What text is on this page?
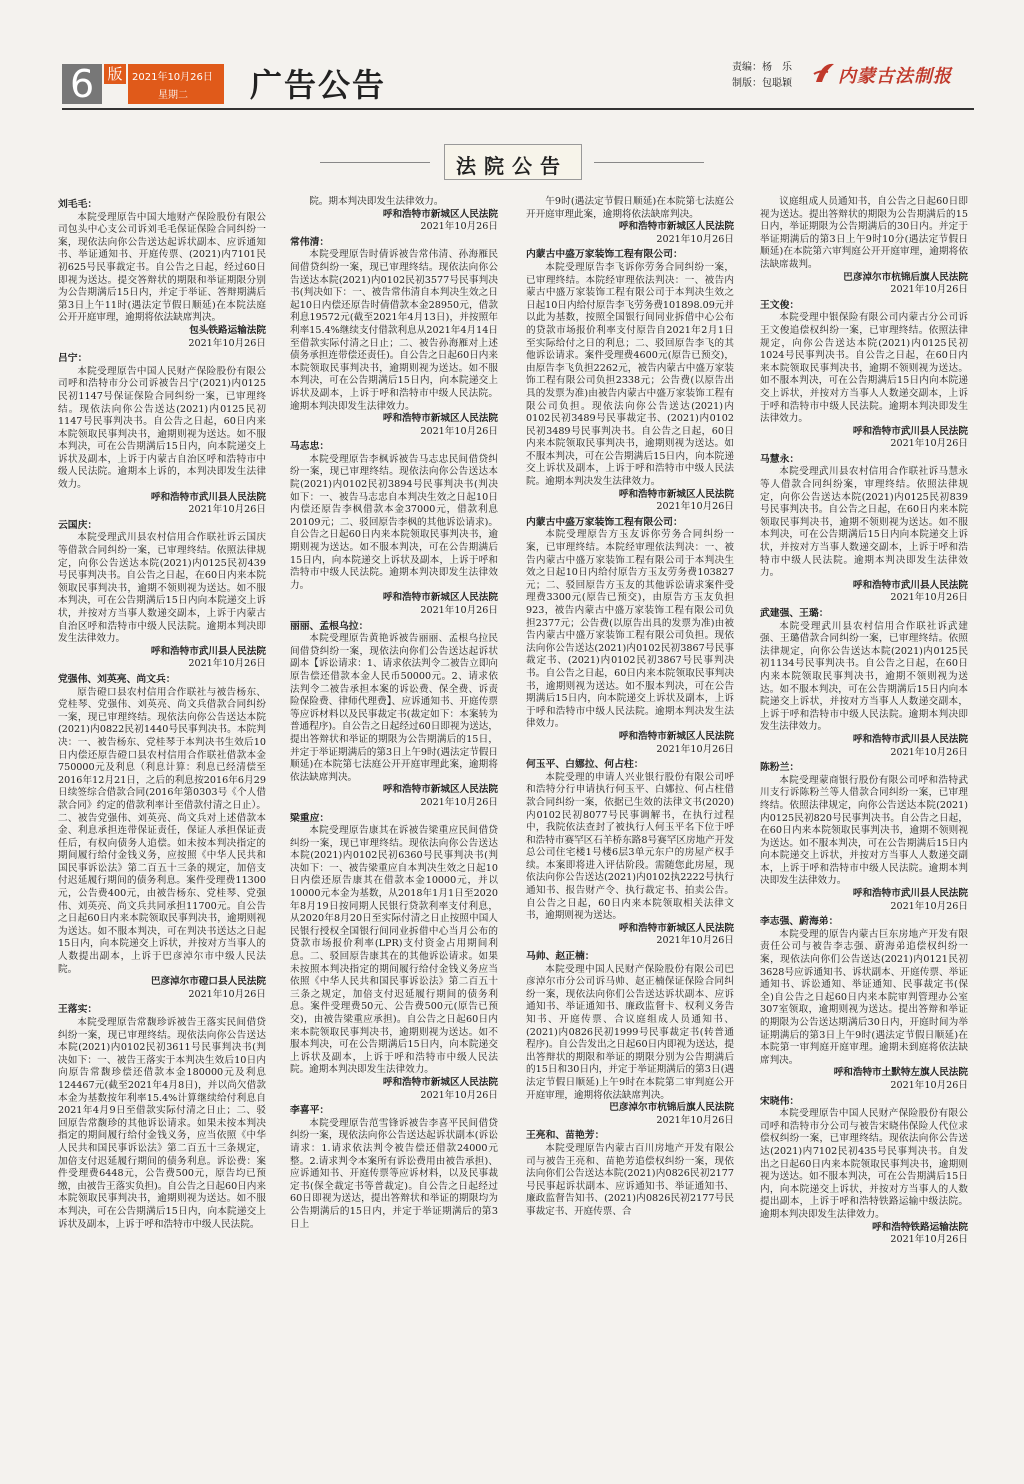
6 版 2021年10月26日
星期二 广告公告	责编：杨　乐
制版：包聪颖	内蒙古法制报
法院公告
刘毛毛：
本院受理原告中国大地财产保险股份有限公司包头中心支公司诉刘毛毛保证保险合同纠纷一案，现依法向你公告送达起诉状副本、应诉通知书、举证通知书、开庭传票、(2021)内7101民初625号民事裁定书。自公告之日起，经过60日即视为送达。提交答辩状的期限和举证期限分别为公告期满后15日内，并定于举证、答辩期满后第3日上午11时(遇法定节假日顺延)在本院法庭公开开庭审理，逾期将依法缺席判决。
包头铁路运输法院
2021年10月26日
吕宁：
本院受理原告中国人民财产保险股份有限公司呼和浩特市分公司诉被告吕宁(2021)内0125民初1147号保证保险合同纠纷一案，已审理终结。现依法向你公告送达(2021)内0125民初1147号民事判决书。自公告之日起，60日内来本院领取民事判决书，逾期则视为送达。如不服本判决，可在公告期满后15日内，向本院递交上诉状及副本，上诉于内蒙古自治区呼和浩特市中级人民法院。逾期本上诉的，本判决即发生法律效力。
呼和浩特市武川县人民法院
2021年10月26日
云国庆：
本院受理武川县农村信用合作联社诉云国庆等借款合同纠纷一案，已审理终结。依照法律规定，向你公告送达本院(2021)内0125民初439号民事判决书。自公告之日起，在60日内来本院领取民事判决书，逾期不领则视为送达。如不服本判决，可在公告期满后15日内向本院递交上诉状，并按对方当事人数递交副本，上诉于内蒙古自治区呼和浩特市中级人民法院。逾期本判决即发生法律效力。
呼和浩特市武川县人民法院
2021年10月26日
党强伟、刘英亮、尚文兵：
原告磴口县农村信用合作联社与被告杨东、党桂琴、党强伟、刘英亮、尚文兵借款合同纠纷一案，现已审理终结。现依法向你公告送达本院(2021)内0822民初1440号民事判决书。本院判决：一、被告杨东、党桂琴于本判决书生效后10日内偿还原告磴口县农村信用合作联社借款本金750000元及利息（利息计算：利息已经清偿至2016年12月21日，之后的利息按2016年6月29日续签综合借款合同(2016年第0303号《个人借款合同》约定的借款利率计至借款付清之日止）。二、被告党强伟、刘英亮、尚文兵对上述借款本金、利息承担连带保证责任，保证人承担保证责任后，有权向债务人追偿。如未按本判决指定的期间履行给付金钱义务，应按照《中华人民共和国民事诉讼法》第二百五十三条的规定，加倍支付迟延履行期间的债务利息。案件受理费11300元，公告费400元，由被告杨东、党桂琴、党强伟、刘英亮、尚文兵共同承担11700元。自公告之日起60日内来本院领取民事判决书，逾期则视为送达。如不服本判决，可在判决书送达之日起15日内，向本院递交上诉状，并按对方当事人的人数提出副本，上诉于巴彦淖尔市中级人民法院。
巴彦淖尔市磴口县人民法院
2021年10月26日
王落实：
本院受理原告常馥珍诉被告王落实民间借贷纠纷一案，现已审理终结。现依法向你公告送达本院(2021)内0102民初3611号民事判决书(判决如下：一、被告王落实于本判决生效后10日内向原告常馥珍偿还借款本金180000元及利息124467元(截至2021年4月8日)，并以尚欠借款本金为基数按年利率15.4%计算继续给付利息自2021年4月9日至借款实际付清之日止；二、驳回原告常馥珍的其他诉讼请求。如果未按本判决指定的期间履行给付金钱义务，应当依照《中华人民共和国民事诉讼法》第二百五十三条规定，加倍支付迟延履行期间的债务利息。诉讼费：案件受理费6448元，公告费500元，原告均已预缴，由被告王落实负担)。自公告之日起60日内来本院领取民事判决书，逾期则视为送达。如不服本判决，可在公告期满后15日内，向本院递交上诉状及副本，上诉于呼和浩特市中级人民法院。
院。期本判决即发生法律效力。
呼和浩特市新城区人民法院
2021年10月26日
常伟清：
本院受理原告时倩诉被告常伟清、孙海雁民间借贷纠纷一案，现已审理终结。现依法向你公告送达本院(2021)内0102民初3577号民事判决书(判决如下：一、被告常伟清自本判决生效之日起10日内偿还原告时倩借款本金28950元，借款利息19572元(截至2021年4月13日)，并按照年利率15.4%继续支付借款利息从2021年4月14日至借款实际付清之日止；二、被告孙海雁对上述债务承担连带偿还责任)。自公告之日起60日内来本院领取民事判决书，逾期则视为送达。如不服本判决，可在公告期满后15日内，向本院递交上诉状及副本，上诉于呼和浩特市中级人民法院。逾期本判决即发生法律效力。
呼和浩特市新城区人民法院
2021年10月26日
马志忠：
本院受理原告李枫诉被告马志忠民间借贷纠纷一案，现已审理终结。现依法向你公告送达本院(2021)内0102民初3894号民事判决书(判决如下：一、被告马志忠自本判决生效之日起10日内偿还原告李枫借款本金37000元，借款利息20109元；二、驳回原告李枫的其他诉讼请求)。自公告之日起60日内来本院领取民事判决书，逾期则视为送达。如不服本判决，可在公告期满后15日内，向本院递交上诉状及副本，上诉于呼和浩特市中级人民法院。逾期本判决即发生法律效力。
呼和浩特市新城区人民法院
2021年10月26日
丽丽、孟根乌拉：
本院受理原告黄艳诉被告丽丽、孟根乌拉民间借贷纠纷一案，现依法向你们公告送达起诉状副本【诉讼请求：1、请求依法判令二被告立即向原告偿还借款本金人民币50000元。2、请求依法判令二被告承担本案的诉讼费、保全费、诉责险保险费、律师代理费】、应诉通知书、开庭传票等应诉材料以及民事裁定书(裁定如下：本案转为普通程序)。自公告之日起经过60日即视为送达，提出答辩状和举证的期限为公告期满后的15日，并定于举证期满后的第3日上午9时(遇法定节假日顺延)在本院第七法庭公开开庭审理此案，逾期将依法缺席判决。
呼和浩特市新城区人民法院
2021年10月26日
梁重应：
本院受理原告康其在诉被告梁重应民间借贷纠纷一案，现已审理终结。现依法向你公告送达本院(2021)内0102民初6360号民事判决书(判决如下：一、被告梁重应自本判决生效之日起10日内偿还原告康其在借款本金10000元，并以10000元本金为基数，从2018年1月1日至2020年8月19日按同期人民银行贷款利率支付利息，从2020年8月20日至实际付清之日止按照中国人民银行授权全国银行间同业拆借中心当月公布的贷款市场报价利率(LPR)支付资金占用期间利息。二、驳回原告康其在的其他诉讼请求。如果未按照本判决指定的期间履行给付金钱义务应当依照《中华人民共和国民事诉讼法》第二百五十三条之规定，加倍支付迟延履行期间的债务利息。案件受理费50元、公告费500元(原告已预交)，由被告梁重应承担)。自公告之日起60日内来本院领取民事判决书，逾期则视为送达。如不服本判决，可在公告期满后15日内，向本院递交上诉状及副本，上诉于呼和浩特市中级人民法院。逾期本判决即发生法律效力。
呼和浩特市新城区人民法院
2021年10月26日
李喜平：
本院受理原告范雪锋诉被告李喜平民间借贷纠纷一案，现依法向你公告送达起诉状副本(诉讼请求：1.请求依法判令被告偿还借款24000元整。2.请求判令本案所有诉讼费用由被告承担)、应诉通知书、开庭传票等应诉材料，以及民事裁定书(保全裁定书等普裁定)。自公告之日起经过60日即视为送达，提出答辩状和举证的期限均为公告期满后的15日内，并定于举证期满后的第3日上
午9时(遇法定节假日顺延)在本院第七法庭公开开庭审理此案，逾期将依法缺席判决。
呼和浩特市新城区人民法院
2021年10月26日
内蒙古中盛万家装饰工程有限公司：
本院受理原告李飞诉你劳务合同纠纷一案，已审理终结。本院经审理依法判决：一、被告内蒙古中盛万家装饰工程有限公司于本判决生效之日起10日内给付原告李飞劳务费101898.09元并以此为基数，按照全国银行间同业拆借中心公布的贷款市场报价利率支付原告自2021年2月1日至实际给付之日的利息；二、驳回原告李飞的其他诉讼请求。案件受理费4600元(原告已预交)，由原告李飞负担2262元，被告内蒙古中盛万家装饰工程有限公司负担2338元；公告费(以原告出具的发票为准)由被告内蒙古中盛万家装饰工程有限公司负担。现依法向你公告送达(2021)内0102民初3489号民事裁定书、(2021)内0102民初3489号民事判决书。自公告之日起，60日内来本院领取民事判决书，逾期则视为送达。如不服本判决，可在公告期满后15日内，向本院递交上诉状及副本，上诉于呼和浩特市中级人民法院。逾期本判决发生法律效力。
呼和浩特市新城区人民法院
2021年10月26日
内蒙古中盛万家装饰工程有限公司：
本院受理原告方玉友诉你劳务合同纠纷一案，已审理终结。本院经审理依法判决：一、被告内蒙古中盛万家装饰工程有限公司于本判决生效之日起10日内给付原告方玉友劳务费103827元；二、驳回原告方玉友的其他诉讼请求案件受理费3300元(原告已预交)，由原告方玉友负担923，被告内蒙古中盛万家装饰工程有限公司负担2377元；公告费(以原告出具的发票为准)由被告内蒙古中盛万家装饰工程有限公司负担。现依法向你公告送达(2021)内0102民初3867号民事裁定书、(2021)内0102民初3867号民事判决书。自公告之日起，60日内来本院领取民事判决书，逾期则视为送达。如不服本判决，可在公告期满后15日内，向本院递交上诉状及副本，上诉于呼和浩特市中级人民法院。逾期本判决发生法律效力。
呼和浩特市新城区人民法院
2021年10月26日
何玉平、白娜拉、何占柱：
本院受理的申请人兴业银行股份有限公司呼和浩特分行申请执行何玉平、白娜拉、何占柱借款合同纠纷一案，依据已生效的法律文书(2020)内0102民初8077号民事调解书，在执行过程中，我院依法查封了被执行人何玉平名下位于呼和浩特市赛罕区石羊桥东路8号赛罕区房地产开发总公司住宅楼1号楼6层3单元东户的房屋产权手续。本案即将进入评估阶段。需随您此房屋，现依法向你公告送达(2021)内0102执2222号执行通知书、报告财产令、执行裁定书、拍卖公告。自公告之日起，60日内来本院领取相关法律文书，逾期则视为送达。
呼和浩特市新城区人民法院
2021年10月26日
马帅、赵正楠：
本院受理中国人民财产保险股份有限公司巴彦淖尔市分公司诉马帅、赵正楠保证保险合同纠纷一案，现依法向你们公告送达诉状副本、应诉通知书、举证通知书、廉政监督卡、权利义务告知书、开庭传票、合议庭组成人员通知书、(2021)内0826民初1999号民事裁定书(转普通程序)。自公告发出之日起60日内即视为送达，提出答辩状的期限和举证的期限分别为公告期满后的15日和30日内，并定于举证期满后的第3日(遇法定节假日顺延)上午9时在本院第二审判庭公开开庭审理，逾期将依法缺席判决。
巴彦淖尔市杭锦后旗人民法院
2021年10月26日
王亮和、苗艳芳：
本院受理原告内蒙古百川房地产开发有限公司与被告王亮和、苗艳芳追偿权纠纷一案，现依法向你们公告送达本院(2021)内0826民初2177号民事起诉状副本、应诉通知书、举证通知书、廉政监督告知书、(2021)内0826民初2177号民事裁定书、开庭传票、合
议庭组成人员通知书，自公告之日起60日即视为送达。提出答辩状的期限为公告期满后的15日内，举证期限为公告期满后的30日内。并定于举证期满后的第3日上午9时10分(遇法定节假日顺延)在本院第六审判庭公开开庭审理，逾期将依法缺席裁判。
巴彦淖尔市杭锦后旗人民法院
2021年10月26日
王文俊：
本院受理中银保险有限公司内蒙古分公司诉王文俊追偿权纠纷一案，已审理终结。依照法律规定，向你公告送达本院(2021)内0125民初1024号民事判决书。自公告之日起，在60日内来本院领取民事判决书，逾期不领则视为送达。如不服本判决，可在公告期满后15日内向本院递交上诉状，并按对方当事人人数递交副本，上诉于呼和浩特市中级人民法院。逾期本判决即发生法律效力。
呼和浩特市武川县人民法院
2021年10月26日
马慧永：
本院受理武川县农村信用合作联社诉马慧永等人借款合同纠纷案，审理终结。依照法律规定，向你公告送达本院(2021)内0125民初839号民事判决书。自公告之日起，在60日内来本院领取民事判决书，逾期不领则视为送达。如不服本判决，可在公告期满后15日内向本院递交上诉状，并按对方当事人数递交副本，上诉于呼和浩特市中级人民法院。逾期本判决即发生法律效力。
呼和浩特市武川县人民法院
2021年10月26日
武建强、王璐：
本院受理武川县农村信用合作联社诉武建强、王璐借款合同纠纷一案，已审理终结。依照法律规定，向你公告送达本院(2021)内0125民初1134号民事判决书。自公告之日起，在60日内来本院领取民事判决书，逾期不领则视为送达。如不服本判决，可在公告期满后15日内向本院递交上诉状，并按对方当事人人数递交副本，上诉于呼和浩特市中级人民法院。逾期本判决即发生法律效力。
呼和浩特市武川县人民法院
2021年10月26日
陈粉兰：
本院受理蒙商银行股份有限公司呼和浩特武川支行诉陈粉兰等人借款合同纠纷一案，已审理终结。依照法律规定，向你公告送达本院(2021)内0125民初820号民事判决书。自公告之日起，在60日内来本院领取民事判决书，逾期不领则视为送达。如不服本判决，可在公告期满后15日内向本院递交上诉状，并按对方当事人人数递交副本，上诉于呼和浩特市中级人民法院。逾期本判决即发生法律效力。
呼和浩特市武川县人民法院
2021年10月26日
李志强、蔚海弟：
本院受理的原告内蒙古巨东房地产开发有限责任公司与被告李志强、蔚海弟追偿权纠纷一案，现依法向你们公告送达(2021)内0121民初3628号应诉通知书、诉状副本、开庭传票、举证通知书、诉讼通知、举证通知、民事裁定书(保全)自公告之日起60日内来本院审判管理办公室307室领取，逾期则视为送达。提出答辩和举证的期限为公告送达期满后30日内，开庭时间为举证期满后的第3日上午9时(遇法定节假日顺延)在本院第一审判庭开庭审理。逾期未到庭将依法缺席判决。
呼和浩特市土默特左旗人民法院
2021年10月26日
宋晓伟：
本院受理原告中国人民财产保险股份有限公司呼和浩特市分公司与被告宋晓伟保险人代位求偿权纠纷一案，已审理终结。现依法向你公告送达(2021)内7102民初435号民事判决书。自发出之日起60日内来本院领取民事判决书，逾期则视为送达。如不服本判决，可在公告期满后15日内，向本院递交上诉状，并按对方当事人的人数提出副本，上诉于呼和浩特铁路运输中级法院。逾期本判决即发生法律效力。
呼和浩特铁路运输法院
2021年10月26日
